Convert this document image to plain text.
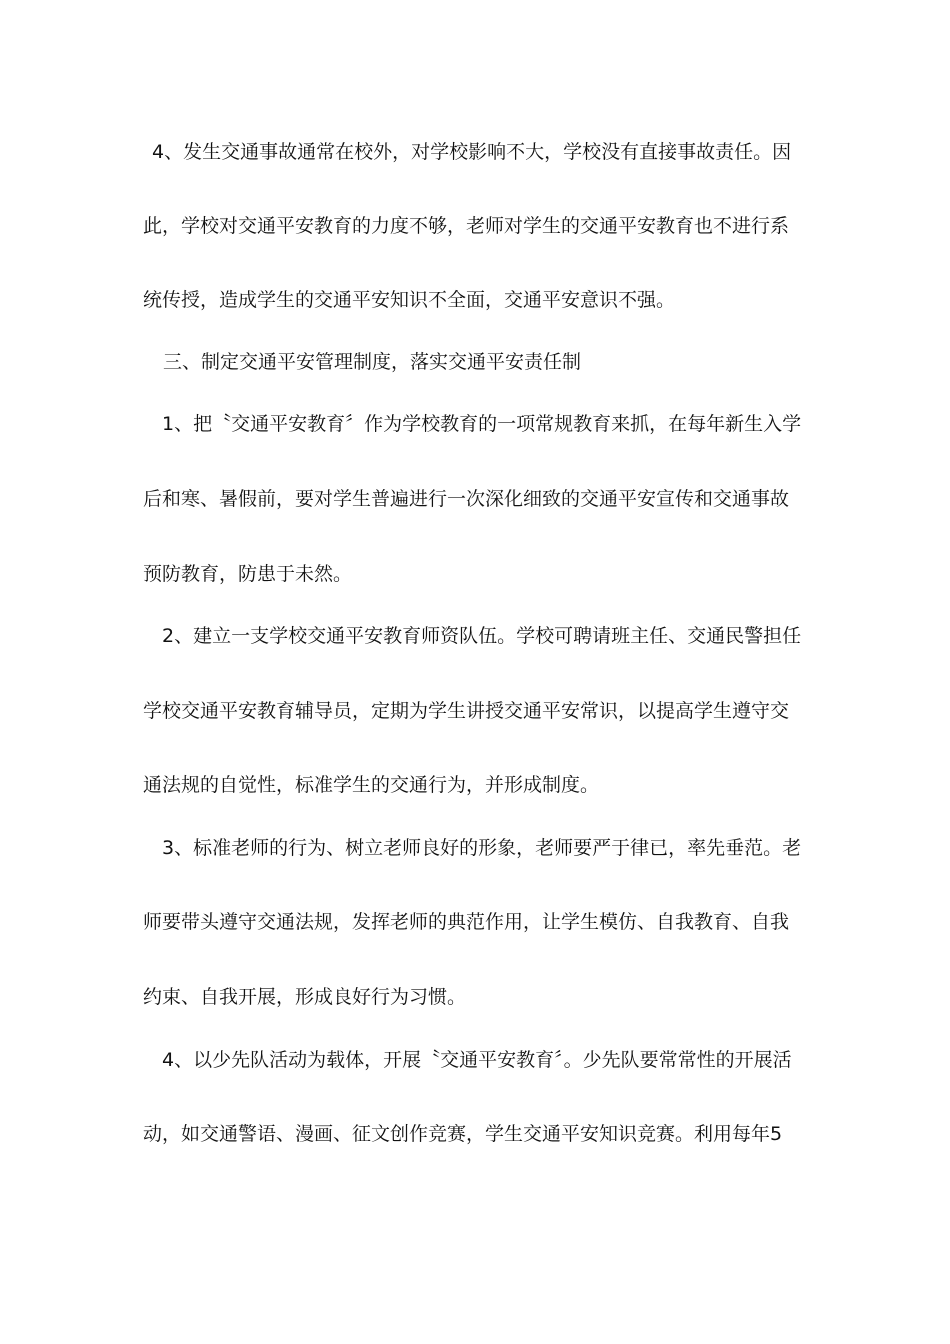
4、发生交通事故通常在校外，对学校影响不大，学校没有直接事故责任。因

此，学校对交通平安教育的力度不够，老师对学生的交通平安教育也不进行系

统传授，造成学生的交通平安知识不全面，交通平安意识不强。

三、制定交通平安管理制度，落实交通平安责任制

1、把〝交通平安教育〞作为学校教育的一项常规教育来抓，在每年新生入学

后和寒、暑假前，要对学生普遍进行一次深化细致的交通平安宣传和交通事故

预防教育，防患于未然。

2、建立一支学校交通平安教育师资队伍。学校可聘请班主任、交通民警担任

学校交通平安教育辅导员，定期为学生讲授交通平安常识，以提高学生遵守交

通法规的自觉性，标准学生的交通行为，并形成制度。

3、标准老师的行为、树立老师良好的形象，老师要严于律已，率先垂范。老

师要带头遵守交通法规，发挥老师的典范作用，让学生模仿、自我教育、自我

约束、自我开展，形成良好行为习惯。

4、以少先队活动为载体，开展〝交通平安教育〞。少先队要常常性的开展活

动，如交通警语、漫画、征文创作竞赛，学生交通平安知识竞赛。利用每年5
